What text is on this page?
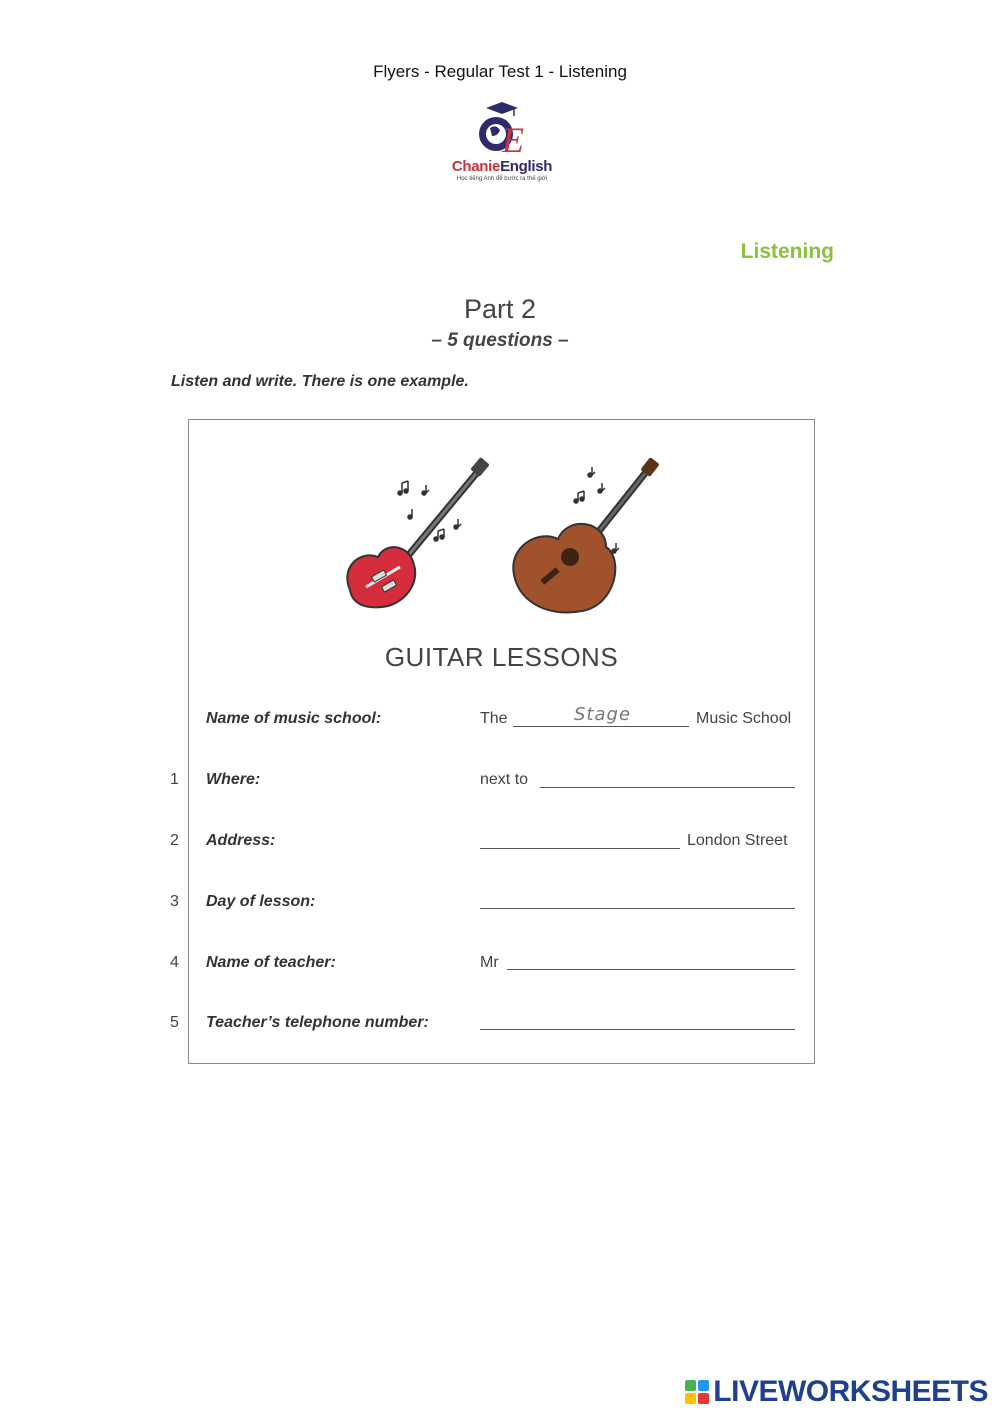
Flyers - Regular Test 1 - Listening
E
ChanieEnglish
Học tiếng Anh để bước ra thế giới
Listening
Part 2
– 5 questions –
Listen and write. There is one example.
GUITAR LESSONS
Name of music school:	The	Stage	Music School
1 Where:	next to
2 Address:	London Street
3 Day of lesson:
4 Name of teacher:	Mr
5 Teacher’s telephone number:
LIVEWORKSHEETS
